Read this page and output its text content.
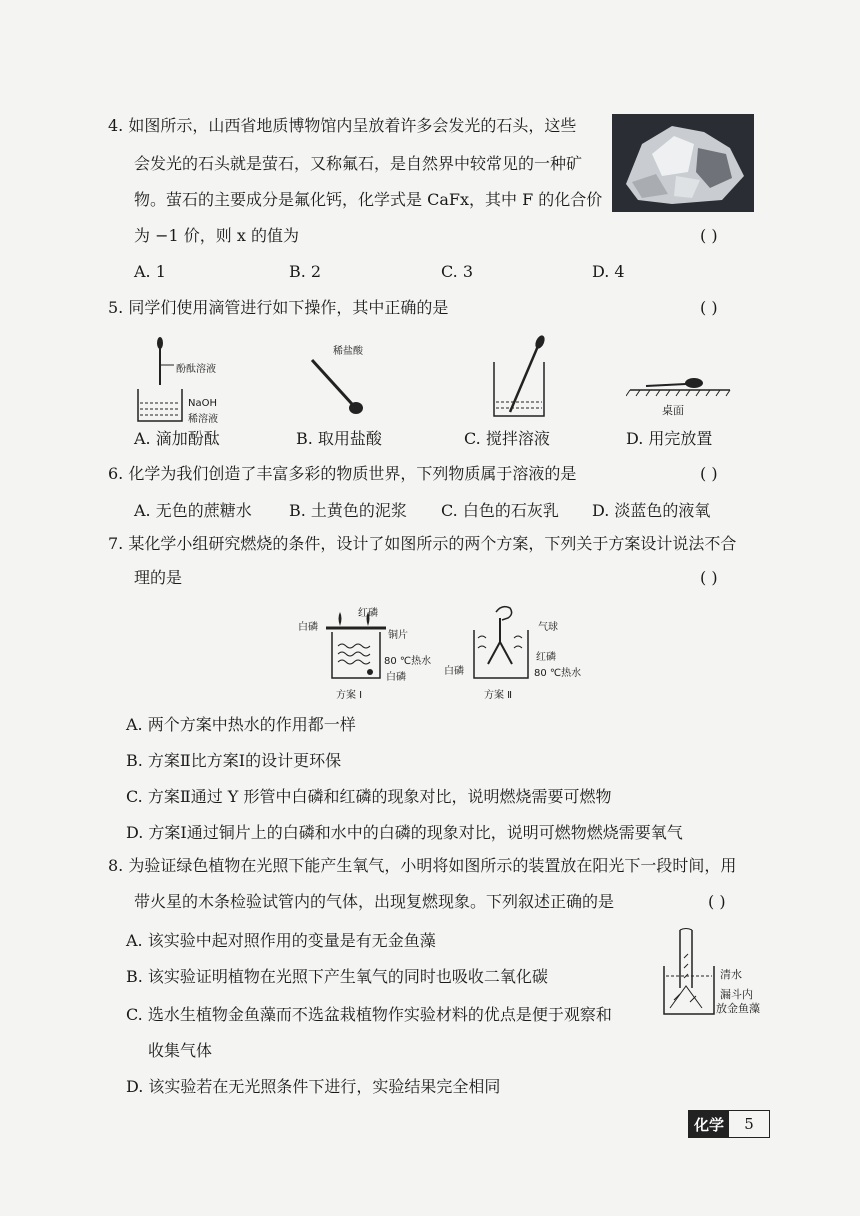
4. 如图所示，山西省地质博物馆内呈放着许多会发光的石头，这些
会发光的石头就是萤石，又称氟石，是自然界中较常见的一种矿
物。萤石的主要成分是氟化钙，化学式是 CaFx，其中 F 的化合价
为 −1 价，则 x 的值为	( )
A. 1	B. 2	C. 3	D. 4
5. 同学们使用滴管进行如下操作，其中正确的是	( )
酚酞溶液
NaOH
稀溶液
稀盐酸
桌面
A. 滴加酚酞	B. 取用盐酸	C. 搅拌溶液	D. 用完放置
6. 化学为我们创造了丰富多彩的物质世界，下列物质属于溶液的是	( )
A. 无色的蔗糖水 B. 土黄色的泥浆 C. 白色的石灰乳 D. 淡蓝色的液氧
7. 某化学小组研究燃烧的条件，设计了如图所示的两个方案，下列关于方案设计说法不合
理的是	( )
白磷
红磷
铜片
80 ℃热水
白磷
方案 Ⅰ
气球
红磷
白磷	80 ℃热水
方案 Ⅱ
A. 两个方案中热水的作用都一样
B. 方案Ⅱ比方案Ⅰ的设计更环保
C. 方案Ⅱ通过 Y 形管中白磷和红磷的现象对比，说明燃烧需要可燃物
D. 方案Ⅰ通过铜片上的白磷和水中的白磷的现象对比，说明可燃物燃烧需要氧气
8. 为验证绿色植物在光照下能产生氧气，小明将如图所示的装置放在阳光下一段时间，用
带火星的木条检验试管内的气体，出现复燃现象。下列叙述正确的是	( )
清水
漏斗内
放金鱼藻
A. 该实验中起对照作用的变量是有无金鱼藻
B. 该实验证明植物在光照下产生氧气的同时也吸收二氧化碳
C. 选水生植物金鱼藻而不选盆栽植物作实验材料的优点是便于观察和
收集气体
D. 该实验若在无光照条件下进行，实验结果完全相同
化学	5
